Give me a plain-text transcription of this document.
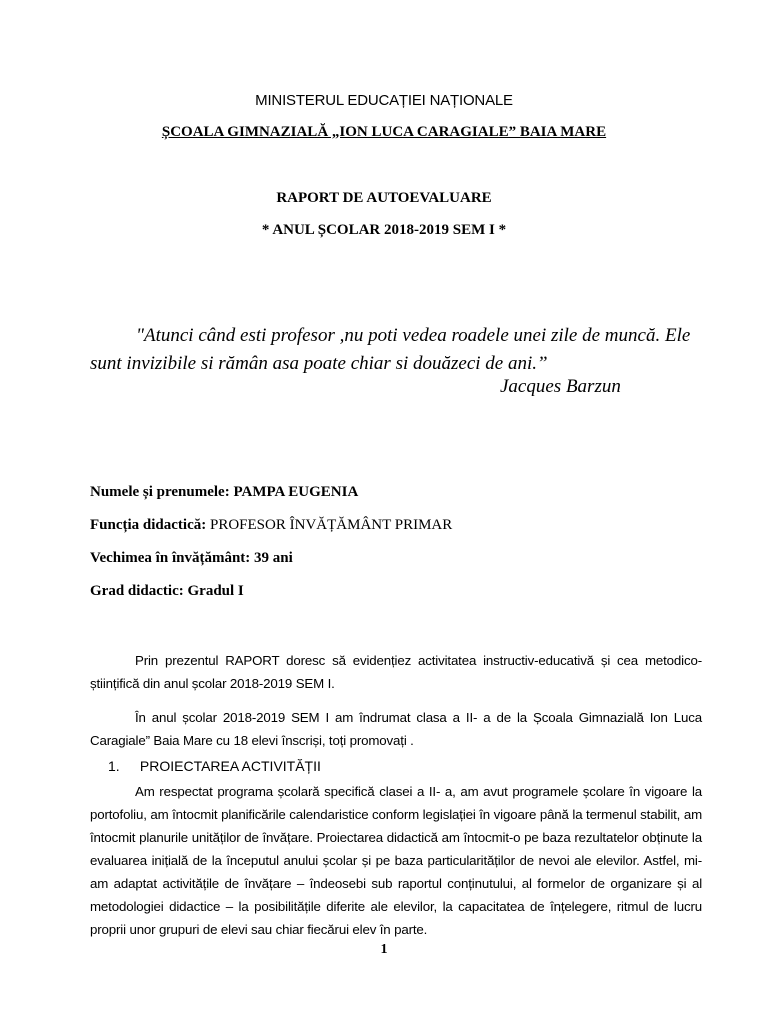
MINISTERUL EDUCAȚIEI NAȚIONALE
ȘCOALA GIMNAZIALĂ „ION LUCA CARAGIALE” BAIA MARE
RAPORT DE AUTOEVALUARE
* ANUL ȘCOLAR 2018-2019 SEM I *
"Atunci când esti profesor ,nu poti vedea roadele unei zile de muncă. Ele sunt invizibile si rămân asa poate chiar si douăzeci de ani.”
Jacques Barzun
Numele și prenumele: PAMPA EUGENIA
Funcția didactică: PROFESOR ÎNVĂȚĂMÂNT PRIMAR
Vechimea în învățământ: 39 ani
Grad didactic: Gradul I
Prin prezentul RAPORT doresc să evidențiez activitatea instructiv-educativă și cea metodico-științifică din anul școlar 2018-2019 SEM I.
În anul școlar 2018-2019 SEM I am îndrumat clasa a II- a de la Școala Gimnazială Ion Luca Caragiale” Baia Mare cu 18 elevi înscriși, toți promovați .
1. PROIECTAREA ACTIVITĂȚII
Am respectat programa școlară specifică clasei a II- a, am avut programele școlare în vigoare la portofoliu, am întocmit planificările calendaristice conform legislației în vigoare până la termenul stabilit, am întocmit planurile unităților de învățare. Proiectarea didactică am întocmit-o pe baza rezultatelor obținute la evaluarea inițială de la începutul anului școlar și pe baza particularităților de nevoi ale elevilor. Astfel, mi-am adaptat activitățile de învățare – îndeosebi sub raportul conținutului, al formelor de organizare și al metodologiei didactice – la posibilitățile diferite ale elevilor, la capacitatea de înțelegere, ritmul de lucru proprii unor grupuri de elevi sau chiar fiecărui elev în parte.
1
